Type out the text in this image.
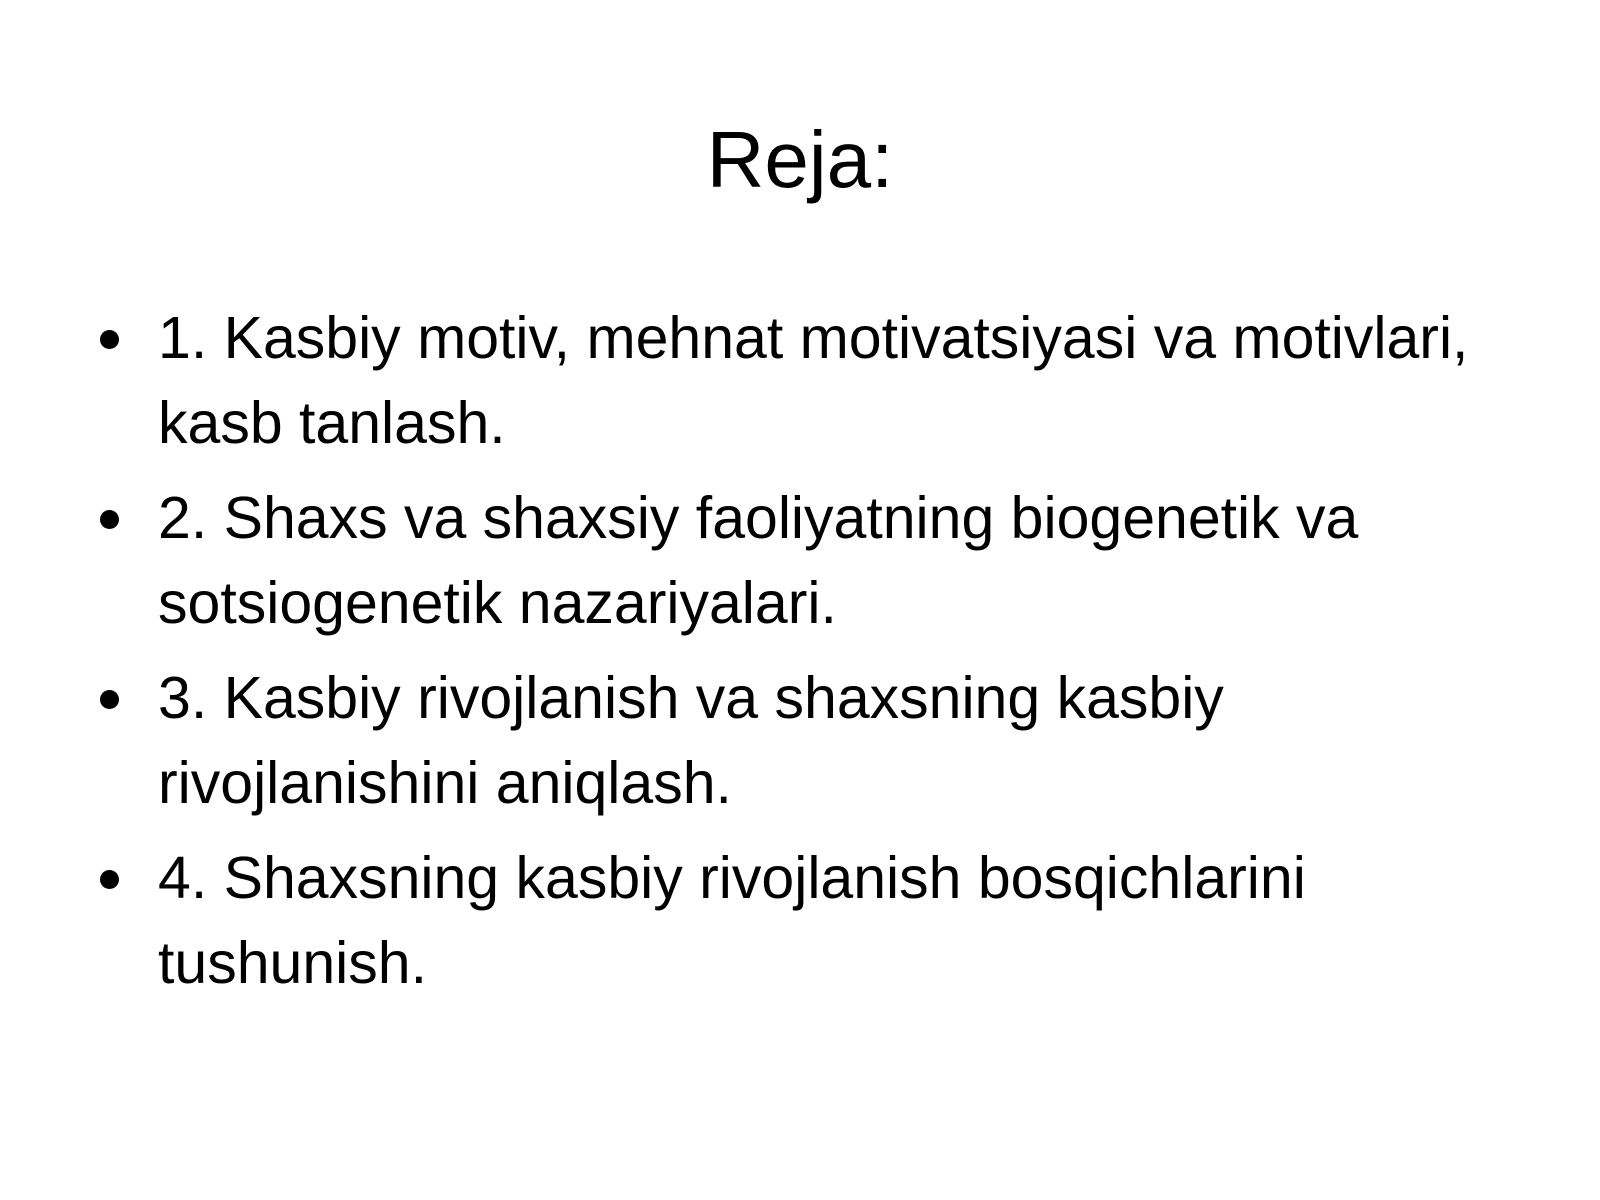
Reja:
1. Kasbiy motiv, mehnat motivatsiyasi va motivlari, kasb tanlash.
2. Shaxs va shaxsiy faoliyatning biogenetik va sotsiogenetik nazariyalari.
3. Kasbiy rivojlanish va shaxsning kasbiy rivojlanishini aniqlash.
4. Shaxsning kasbiy rivojlanish bosqichlarini tushunish.
